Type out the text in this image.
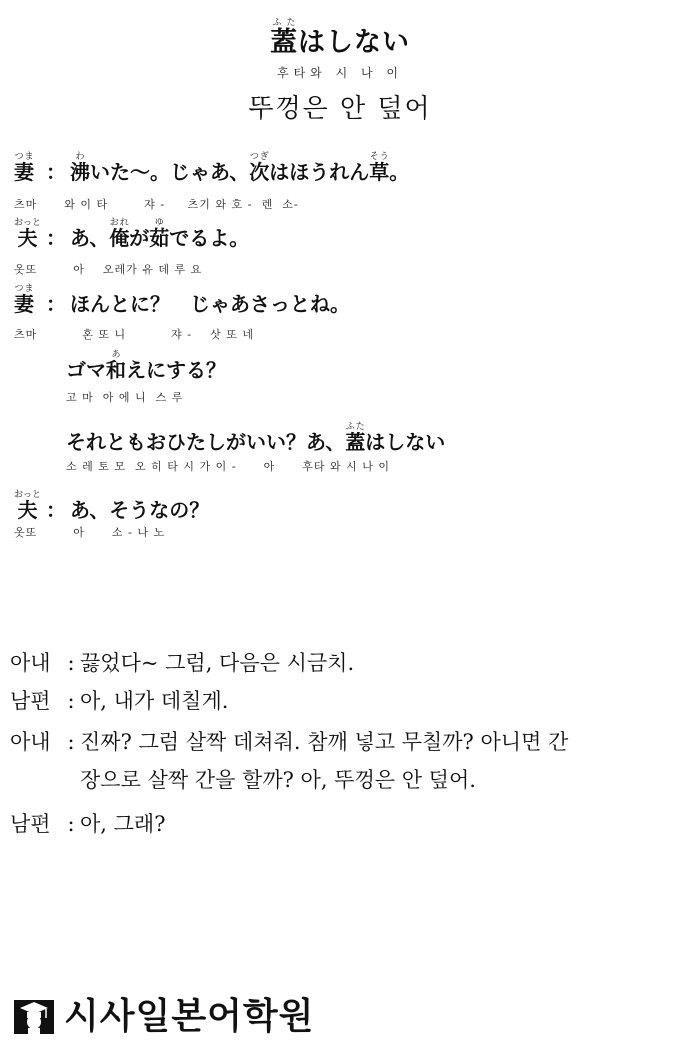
蓋ふたはしない
후타와 시 나 이
뚜껑은 안 덮어
妻つま： 沸わいた～。じゃあ、次つぎはほうれん草そう。
츠마      와 이 타        쟈 -     츠기 와 호 -  렌  소-
夫おっと： あ、俺おれが茹ゆでるよ。
옷또        아    오레가 유 데 루 요
妻つま： ほんとに？　じゃあさっとね。
츠마          혼 또 니          쟈 -    삿 또 네
ゴマ和あえにする？
고 마  아 에 니  스 루
それともおひたしがいい？あ、蓋ふたはしない
소 레 토 모  오 히 타 시 가 이 -      아      후타 와 시 나 이
夫おっと： あ、そうなの？
옷또        아      소 - 나 노
아내 : 끓었다~ 그럼, 다음은 시금치.
남편 : 아, 내가 데칠게.
아내 : 진짜? 그럼 살짝 데쳐줘. 참깨 넣고 무칠까? 아니면 간
장으로 살짝 간을 할까? 아, 뚜껑은 안 덮어.
남편 : 아, 그래?
시사일본어학원
